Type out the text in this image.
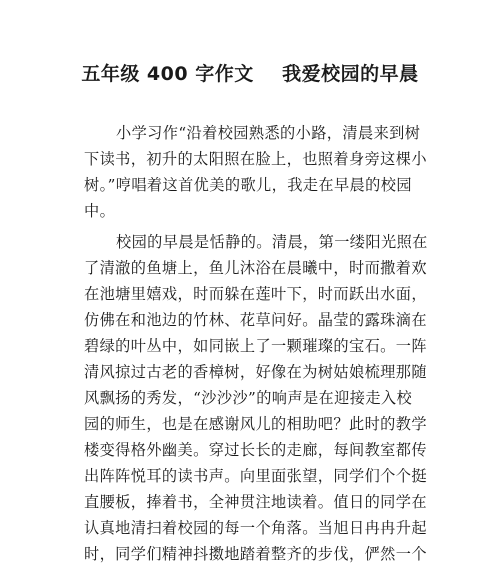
五年级 400 字作文    我爱校园的早晨
小学习作“沿着校园熟悉的小路，清晨来到树
下读书，初升的太阳照在脸上，也照着身旁这棵小
树。”哼唱着这首优美的歌儿，我走在早晨的校园
中。
校园的早晨是恬静的。清晨，第一缕阳光照在
了清澈的鱼塘上，鱼儿沐浴在晨曦中，时而撒着欢
在池塘里嬉戏，时而躲在莲叶下，时而跃出水面，
仿佛在和池边的竹林、花草问好。晶莹的露珠滴在
碧绿的叶丛中，如同嵌上了一颗璀璨的宝石。一阵
清风掠过古老的香樟树，好像在为树姑娘梳理那随
风飘扬的秀发，“沙沙沙”的响声是在迎接走入校
园的师生，也是在感谢风儿的相助吧？此时的教学
楼变得格外幽美。穿过长长的走廊，每间教室都传
出阵阵悦耳的读书声。向里面张望，同学们个个挺
直腰板，捧着书，全神贯注地读着。值日的同学在
认真地清扫着校园的每一个角落。当旭日冉冉升起
时，同学们精神抖擞地踏着整齐的步伐，俨然一个
